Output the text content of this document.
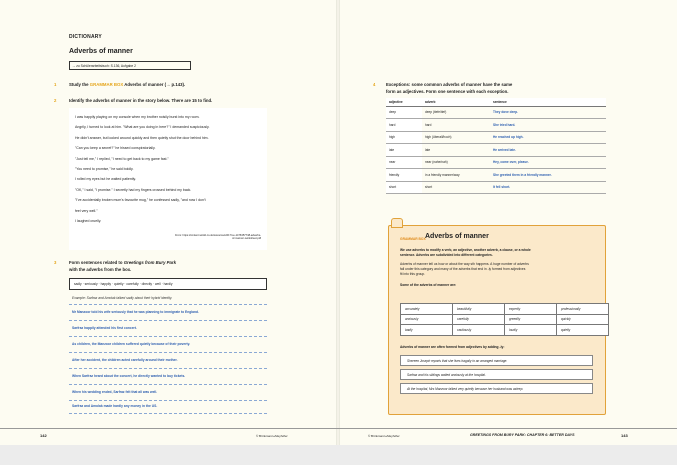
DICTIONARY
Adverbs of manner
→ zu Schülerarbeitsbuch: S.136, Aufgabe 2
1	Study the GRAMMAR BOX Adverbs of manner (→ p.143).
2	Identify the adverbs of manner in the story below. There are 15 to find.

I was happily playing on my console when my brother noisily burst into my room.

Angrily, I turned to look at him. "What are you doing in here?" I demanded suspiciously.

He didn't answer, but looked around quickly and then quietly shut the door behind him.

"Can you keep a secret?" he hissed conspiratorially.

"Just tell me," I replied, "I need to get back to my game fast."

"You need to promise," he said boldly.

I rolled my eyes but he waited patiently.

"OK," I said, "I promise." I secretly had my fingers crossed behind my back.

"I've accidentally broken mum's favourite mug," he confessed sadly, "and now I don't

feel very well."

I laughed cruelly.

From: https://content.twinkl.co.uk/resource/e0/17/t-e-1476357748-adverbs-of-manner-worksheet.pdf
3	Form sentences related to Greetings from Bury Park
with the adverbs from the box.
sadly · seriously · happily · quietly · carefully · directly · well · hardly
Example: Sarfraz and Amolak talked sadly about their hybrid identity.
Mr Manzoor told his wife seriously that he was planning to immigrate to England.
Sarfraz happily attended his first concert.
As children, the Manzoor children suffered quietly because of their poverty.
After her accident, the children acted carefully around their mother.
When Sarfraz heard about the concert, he directly wanted to buy tickets.
When his wedding ended, Sarfraz felt that all was well.
Sarfraz and Amolak made hardly any money in the US.
4 Exceptions: some common adverbs of manner have the same
form as adjectives. Form one sentence with each exception.
adjective	adverb	sentence
deep	deep (tiefe/tief)	They dove deep.
hard	hard	She tried hard.
high	high (überall/hoch)	He reached up high.
late	late	He arrived late.
near	near (nahe/nah)	Hey, come over, please.
friendly	in a friendly manner/way	She greeted them in a friendly manner.
short	short	It fell short.
GRAMMAR BOX Adverbs of manner
We use adverbs to modify a verb, an adjective, another adverb, a clause, or a whole
sentence. Adverbs are subdivided into different categories.
Adverbs of manner tell us how or about the way sth happens. A huge number of adverbs
fall under this category and many of the adverbs that end in -ly formed from adjectives
fit into this group.
Some of the adverbs of manner are:
accurately	beautifully	expertly	professionally
anxiously	carefully	greedily	quickly
badly	cautiously	loudly	quietly
Adverbs of manner are often formed from adjectives by adding -ly:
Shereen Joseph reports that she lives happily in an arranged marriage.
Sarfraz and his siblings waited anxiously at the hospital.
At the hospital, Mrs Manzoor talked very quietly because her husband was asleep.
142	© Brinkmann+Meyhöfer	© Brinkmann+Meyhöfer	GREETINGS FROM BURY PARK: CHAPTER 6: BETTER DAYS	143
